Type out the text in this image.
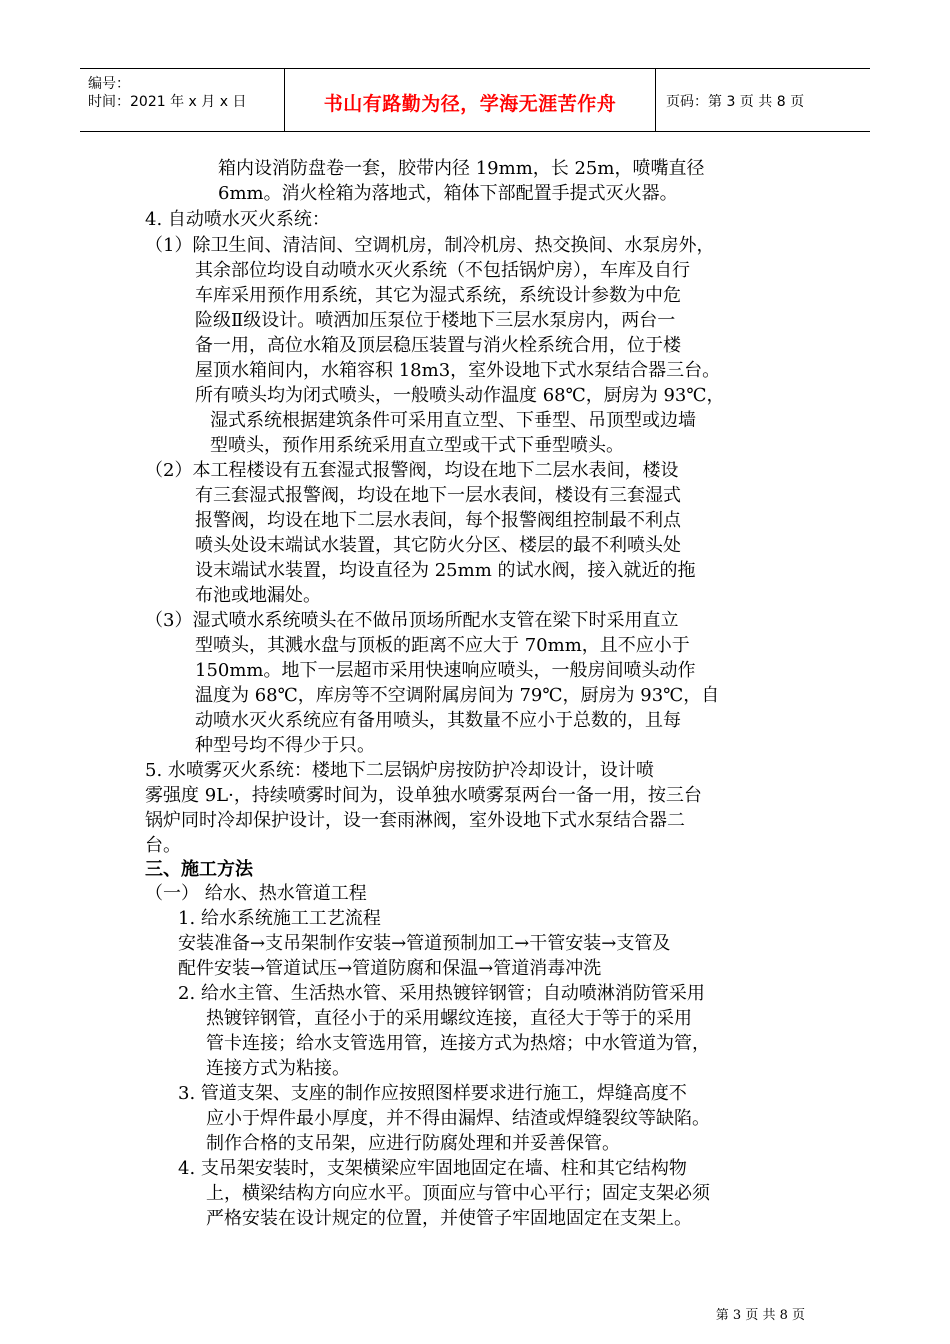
编号：
时间：2021 年 x 月 x 日	书山有路勤为径，学海无涯苦作舟	页码：第 3 页 共 8 页
箱内设消防盘卷一套，胶带内径 19mm，长 25m，喷嘴直径
6mm。消火栓箱为落地式，箱体下部配置手提式灭火器。
4. 自动喷水灭火系统：
（1）除卫生间、清洁间、空调机房，制冷机房、热交换间、水泵房外，
其余部位均设自动喷水灭火系统（不包括锅炉房），车库及自行
车库采用预作用系统，其它为湿式系统，系统设计参数为中危
险级Ⅱ级设计。喷洒加压泵位于楼地下三层水泵房内，两台一
备一用，高位水箱及顶层稳压装置与消火栓系统合用，位于楼
屋顶水箱间内，水箱容积 18m3，室外设地下式水泵结合器三台。
所有喷头均为闭式喷头，一般喷头动作温度 68℃，厨房为 93℃，
湿式系统根据建筑条件可采用直立型、下垂型、吊顶型或边墙
型喷头，预作用系统采用直立型或干式下垂型喷头。
（2）本工程楼设有五套湿式报警阀，均设在地下二层水表间，楼设
有三套湿式报警阀，均设在地下一层水表间，楼设有三套湿式
报警阀，均设在地下二层水表间，每个报警阀组控制最不利点
喷头处设末端试水装置，其它防火分区、楼层的最不利喷头处
设末端试水装置，均设直径为 25mm 的试水阀，接入就近的拖
布池或地漏处。
（3）湿式喷水系统喷头在不做吊顶场所配水支管在梁下时采用直立
型喷头，其溅水盘与顶板的距离不应大于 70mm，且不应小于
150mm。地下一层超市采用快速响应喷头，一般房间喷头动作
温度为 68℃，库房等不空调附属房间为 79℃，厨房为 93℃，自
动喷水灭火系统应有备用喷头，其数量不应小于总数的，且每
种型号均不得少于只。
5. 水喷雾灭火系统：楼地下二层锅炉房按防护冷却设计，设计喷
雾强度 9L·，持续喷雾时间为，设单独水喷雾泵两台一备一用，按三台
锅炉同时冷却保护设计，设一套雨淋阀，室外设地下式水泵结合器二
台。
三、施工方法
（一） 给水、热水管道工程
1. 给水系统施工工艺流程
安装准备→支吊架制作安装→管道预制加工→干管安装→支管及
配件安装→管道试压→管道防腐和保温→管道消毒冲洗
2. 给水主管、生活热水管、采用热镀锌钢管；自动喷淋消防管采用
热镀锌钢管，直径小于的采用螺纹连接，直径大于等于的采用
管卡连接；给水支管选用管，连接方式为热熔；中水管道为管，
连接方式为粘接。
3. 管道支架、支座的制作应按照图样要求进行施工，焊缝高度不
应小于焊件最小厚度，并不得由漏焊、结渣或焊缝裂纹等缺陷。
制作合格的支吊架，应进行防腐处理和并妥善保管。
4. 支吊架安装时，支架横梁应牢固地固定在墙、柱和其它结构物
上，横梁结构方向应水平。顶面应与管中心平行；固定支架必须
严格安装在设计规定的位置，并使管子牢固地固定在支架上。
第 3 页 共 8 页
